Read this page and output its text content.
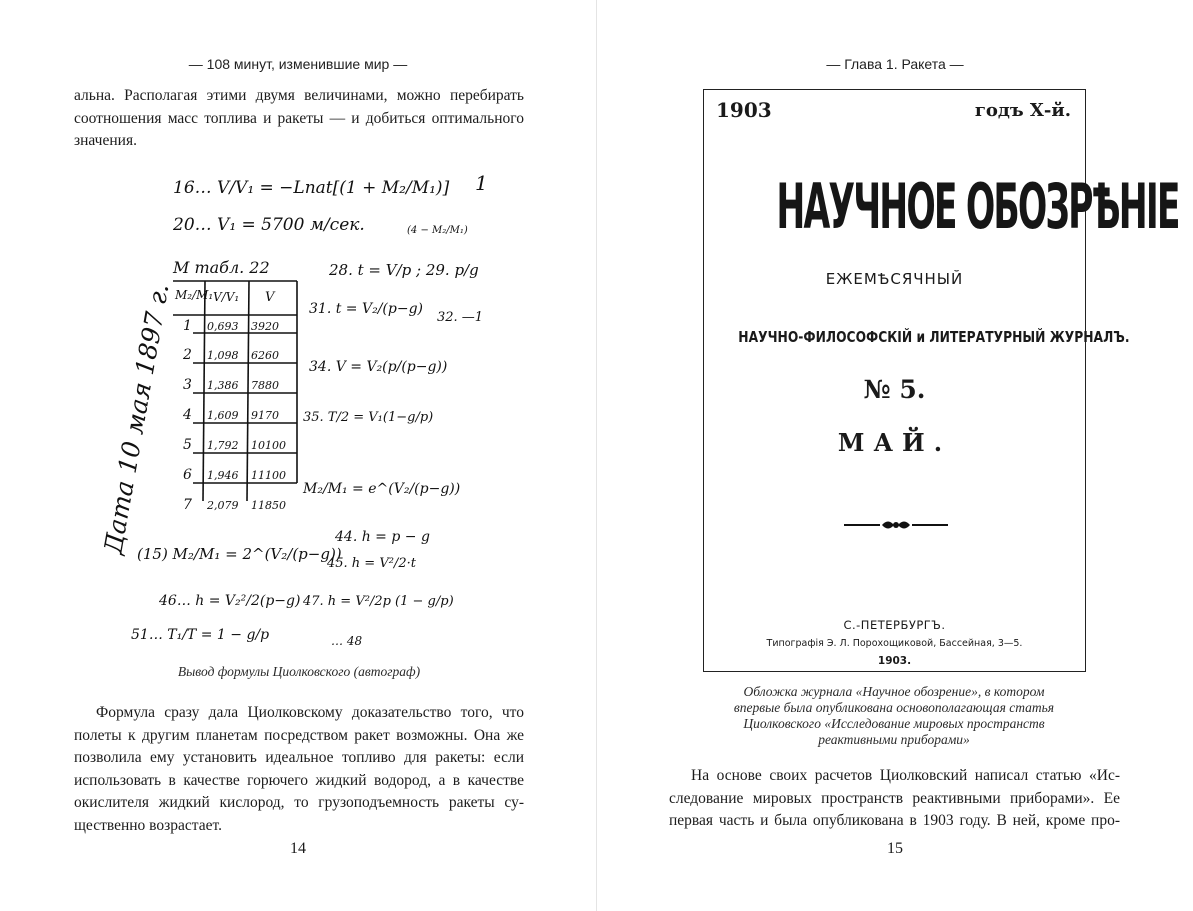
— 108 минут, изменившие мир —
альна. Располагая этими двумя величинами, можно перебирать
соотношения масс топлива и ракеты — и добиться оптимального
значения.
Дата 10 мая 1897 г.
1
16… V/V₁ = −Lnat[(1 + M₂/M₁)]
20… V₁ = 5700 м/сек.	(4 − M₂/M₁)
М табл. 22	28. t = V/p ; 29. p/g
М₂/М₁ V/V₁ V
1 0,693 3920
2 1,098 6260
3 1,386 7880
4 1,609 9170
5 1,792 10100
6 1,946 11100
7 2,079 11850
31. t = V₂/(p−g)
32. —1
34. V = V₂(p/(p−g))
35. T/2 = V₁(1−g/p)
M₂/M₁ = e^(V₂/(p−g))
(15) M₂/M₁ = 2^(V₂/(p−g))
44. h = p − g
45. h = V²/2·t
46… h = V₂²/2(p−g) 47. h = V²/2p (1 − g/p)
51… T₁/T = 1 − g/p	… 48
Вывод формулы Циолковского (автограф)
Формула сразу дала Циолковскому доказательство того, что
полеты к другим планетам посредством ракет возможны. Она же
позволила ему установить идеальное топливо для ракеты: если
использовать в качестве горючего жидкий водород, а в качестве
окислителя жидкий кислород, то грузоподъемность ракеты су-
щественно возрастает.
14
— Глава 1. Ракета —
1903	годъ Х-й.
НАУЧНОЕ ОБОЗРѢНІЕ
ЕЖЕМѢСЯЧНЫЙ
НАУЧНО-ФИЛОСОФСКІЙ и ЛИТЕРАТУРНЫЙ ЖУРНАЛЪ.
№ 5.
МАЙ.
С.-ПЕТЕРБУРГЪ.
Типографія Э. Л. Порохощиковой, Бассейная, 3—5.
1903.
Обложка журнала «Научное обозрение», в котором
впервые была опубликована основополагающая статья
Циолковского «Исследование мировых пространств
реактивными приборами»
На основе своих расчетов Циолковский написал статью «Ис-
следование мировых пространств реактивными приборами». Ее
первая часть и была опубликована в 1903 году. В ней, кроме про-
15
